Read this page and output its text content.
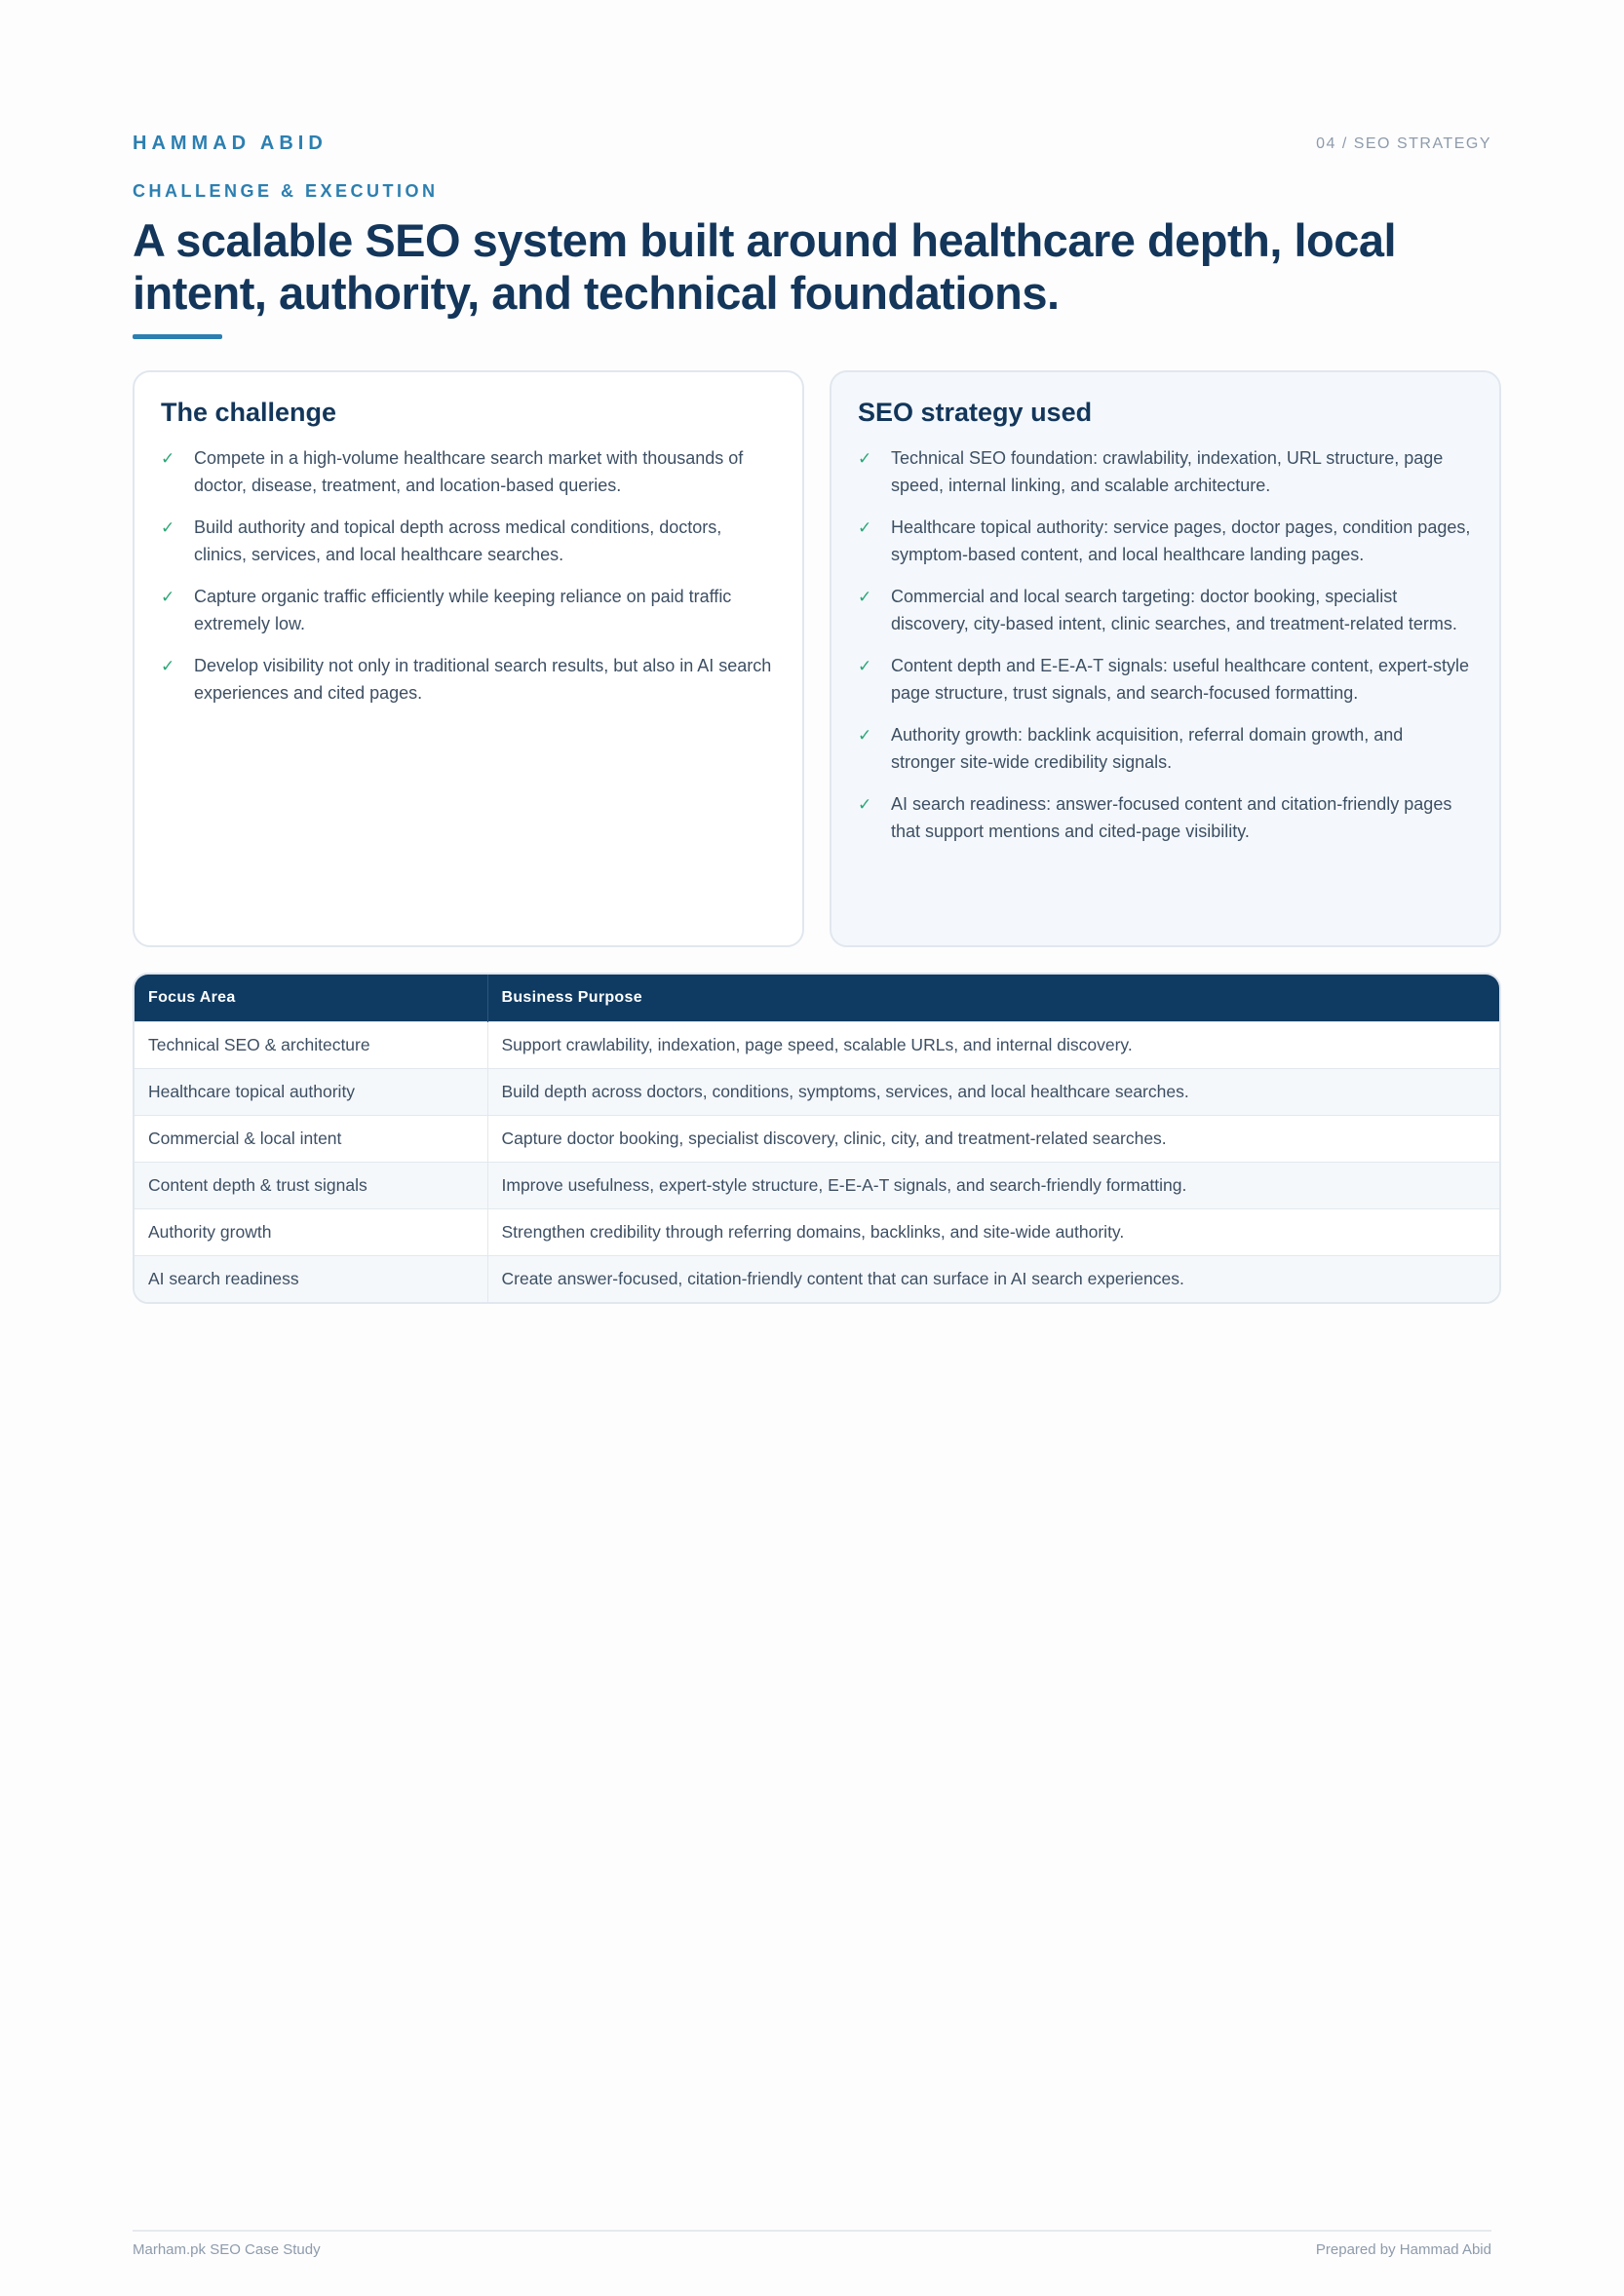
HAMMAD ABID	04 / SEO STRATEGY
CHALLENGE & EXECUTION
A scalable SEO system built around healthcare depth, local intent, authority, and technical foundations.
The challenge
✓ Compete in a high-volume healthcare search market with thousands of doctor, disease, treatment, and location-based queries.
✓ Build authority and topical depth across medical conditions, doctors, clinics, services, and local healthcare searches.
✓ Capture organic traffic efficiently while keeping reliance on paid traffic extremely low.
✓ Develop visibility not only in traditional search results, but also in AI search experiences and cited pages.
SEO strategy used
✓ Technical SEO foundation: crawlability, indexation, URL structure, page speed, internal linking, and scalable architecture.
✓ Healthcare topical authority: service pages, doctor pages, condition pages, symptom-based content, and local healthcare landing pages.
✓ Commercial and local search targeting: doctor booking, specialist discovery, city-based intent, clinic searches, and treatment-related terms.
✓ Content depth and E-E-A-T signals: useful healthcare content, expert-style page structure, trust signals, and search-focused formatting.
✓ Authority growth: backlink acquisition, referral domain growth, and stronger site-wide credibility signals.
✓ AI search readiness: answer-focused content and citation-friendly pages that support mentions and cited-page visibility.
Focus Area	Business Purpose
Technical SEO & architecture	Support crawlability, indexation, page speed, scalable URLs, and internal discovery.
Healthcare topical authority	Build depth across doctors, conditions, symptoms, services, and local healthcare searches.
Commercial & local intent	Capture doctor booking, specialist discovery, clinic, city, and treatment-related searches.
Content depth & trust signals	Improve usefulness, expert-style structure, E-E-A-T signals, and search-friendly formatting.
Authority growth	Strengthen credibility through referring domains, backlinks, and site-wide authority.
AI search readiness	Create answer-focused, citation-friendly content that can surface in AI search experiences.
Marham.pk SEO Case Study	Prepared by Hammad Abid
